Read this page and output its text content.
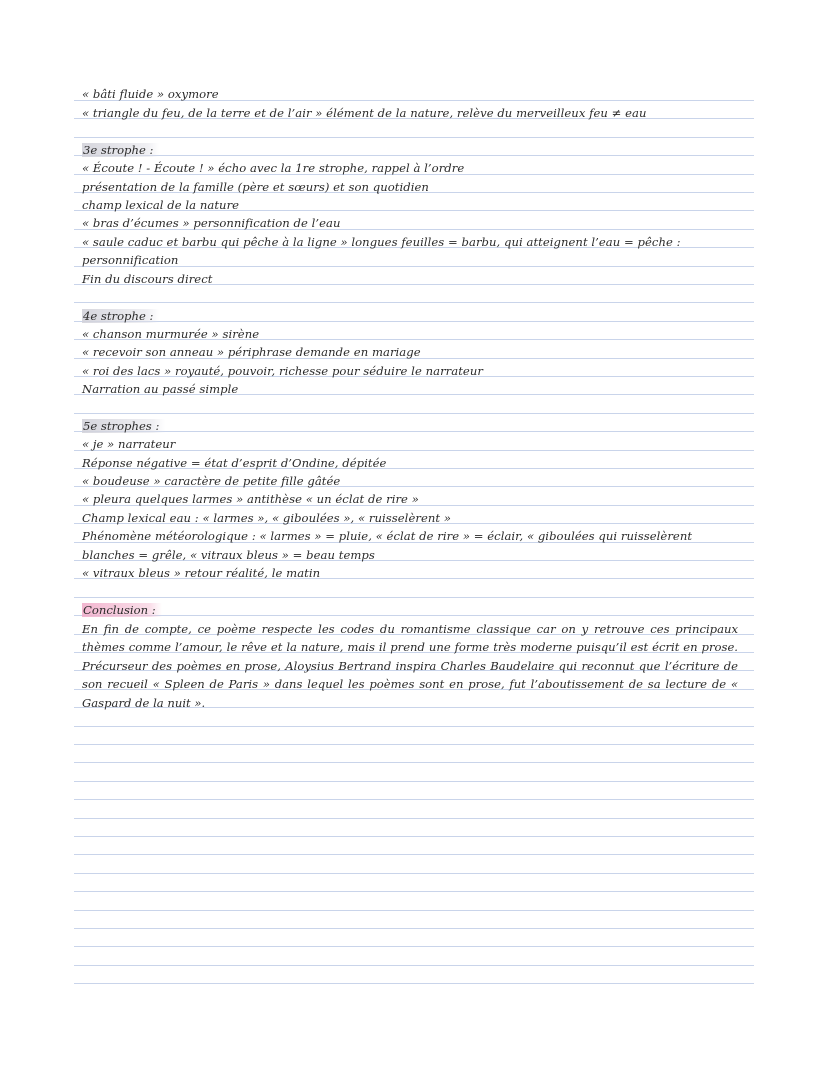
« bâti fluide » oxymore
« triangle du feu, de la terre et de l’air » élément de la nature, relève du merveilleux feu ≠ eau
3e strophe :
« Écoute ! - Écoute ! » écho avec la 1re strophe, rappel à l’ordre
présentation de la famille (père et sœurs) et son quotidien
champ lexical de la nature
« bras d’écumes » personnification de l’eau
« saule caduc et barbu qui pêche à la ligne » longues feuilles = barbu, qui atteignent l’eau = pêche :
personnification
Fin du discours direct
4e strophe :
« chanson murmurée » sirène
« recevoir son anneau » périphrase demande en mariage
« roi des lacs » royauté, pouvoir, richesse pour séduire le narrateur
Narration au passé simple
5e strophes :
« je » narrateur
Réponse négative = état d’esprit d’Ondine, dépitée
« boudeuse » caractère de petite fille gâtée
« pleura quelques larmes » antithèse « un éclat de rire »
Champ lexical eau : « larmes », « giboulées », « ruisselèrent »
Phénomène météorologique : « larmes » = pluie, « éclat de rire » = éclair, « giboulées qui ruisselèrent
blanches = grêle, « vitraux bleus » = beau temps
« vitraux bleus » retour réalité, le matin
Conclusion :
En fin de compte, ce poème respecte les codes du romantisme classique car on y retrouve ces principaux thèmes comme l’amour, le rêve et la nature, mais il prend une forme très moderne puisqu’il est écrit en prose. Précurseur des poèmes en prose, Aloysius Bertrand inspira Charles Baudelaire qui reconnut que l’écriture de son recueil « Spleen de Paris » dans lequel les poèmes sont en prose, fut l’aboutissement de sa lecture de « Gaspard de la nuit ».
